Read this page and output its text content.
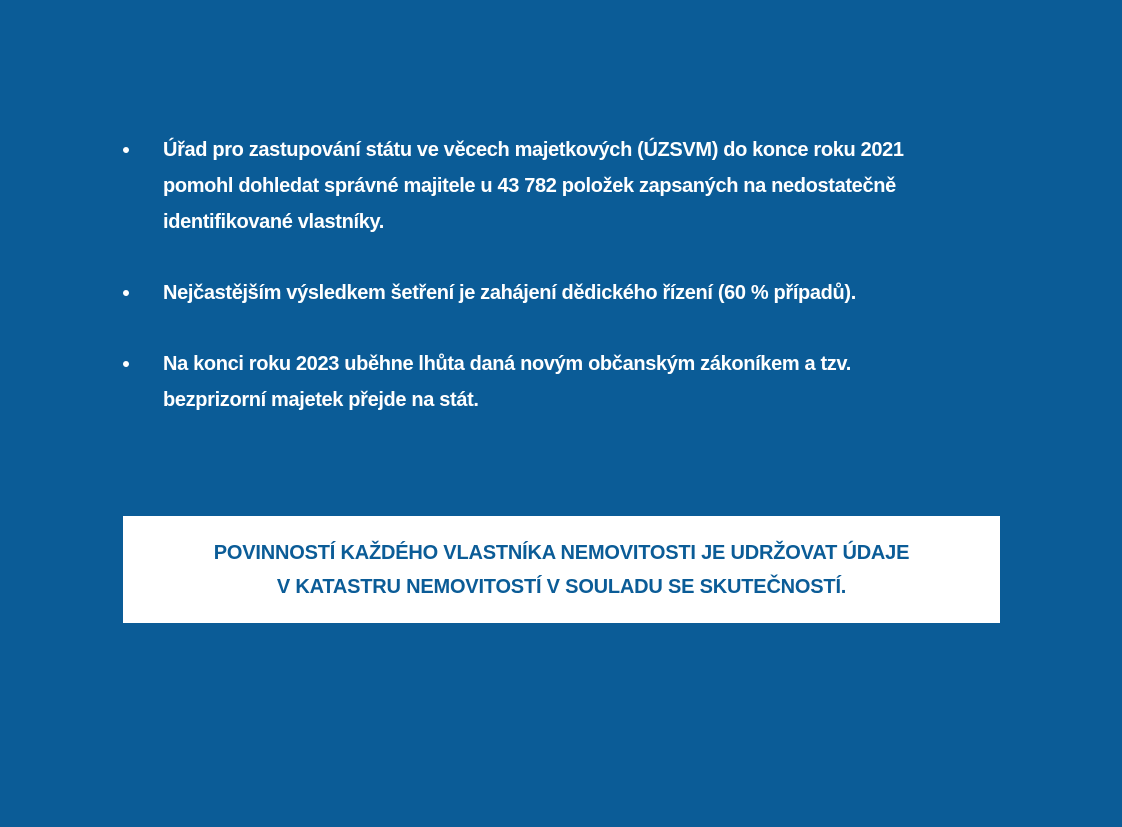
Úřad pro zastupování státu ve věcech majetkových (ÚZSVM) do konce roku 2021
pomohl dohledat správné majitele u 43 782 položek zapsaných na nedostatečně
identifikované vlastníky.
Nejčastějším výsledkem šetření je zahájení dědického řízení (60 % případů).
Na konci roku 2023 uběhne lhůta daná novým občanským zákoníkem a tzv.
bezprizorní majetek přejde na stát.
POVINNOSTÍ KAŽDÉHO VLASTNÍKA NEMOVITOSTI JE UDRŽOVAT ÚDAJE
V KATASTRU NEMOVITOSTÍ V SOULADU SE SKUTEČNOSTÍ.
